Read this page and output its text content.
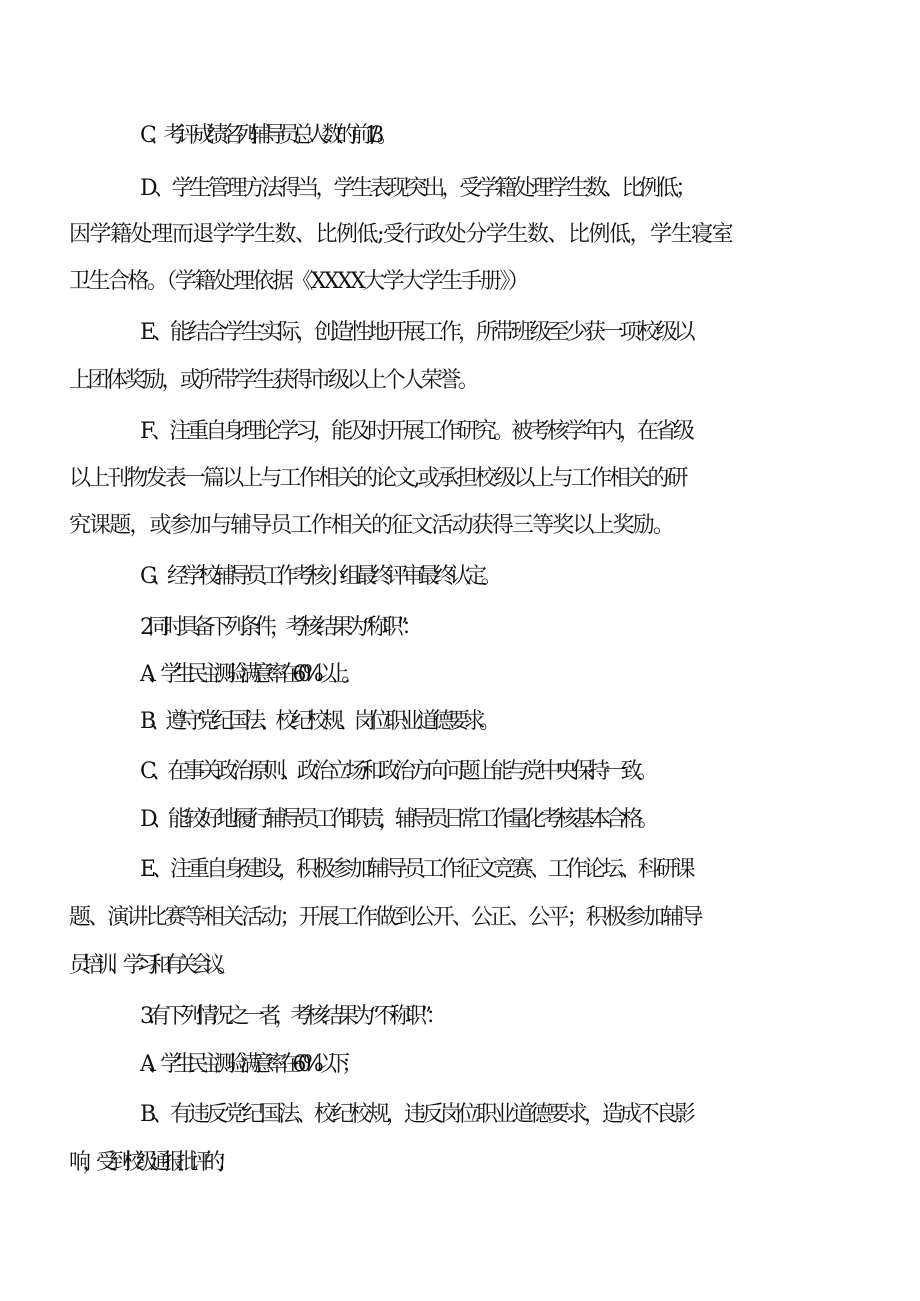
C、考评成绩名列辅导员总人数的前1/3。

D、学生管理方法得当，学生表现突出，受学籍处理学生数、比例低；

因学籍处理而退学学生数、比例低;受行政处分学生数、比例低，学生寝室

卫生合格。（学籍处理依据《XXXX大学大学生手册》）

E、能结合学生实际，创造性地开展工作，所带班级至少获一项校级以

上团体奖励，或所带学生获得市级以上个人荣誉。

F、注重自身理论学习，能及时开展工作研究。被考核学年内，在省级

以上刊物发表一篇以上与工作相关的论文,或承担校级以上与工作相关的研

究课题，或参加与辅导员工作相关的征文活动获得三等奖以上奖励。

G、经学校辅导员工作考核小组最终评审最终认定。

2 .同时具备下列条件，考核结果为“称职”：

A、学生民主测验满意率在60%以上。

B、遵守党纪国法、校纪校规、岗位职业道德要求。

C、在事关政治原则、政治立场和政治方向问题上能与党中央保持一致。

D、能较好地履行辅导员工作职责，辅导员日常工作量化考核基本合格。

E、注重自身建设，积极参加辅导员工作征文竞赛、工作论坛、科研课

题、演讲比赛等相关活动；开展工作做到公开、公正、公平；积极参加辅导

员培训、学习和有关会议。

3 .有下列情况之一者，考核结果为“不称职”：

A、学生民主测验满意率在60%以下；

B、有违反党纪国法、校纪校规，违反岗位职业道德要求，造成不良影

响，受到校级通报批评的；
